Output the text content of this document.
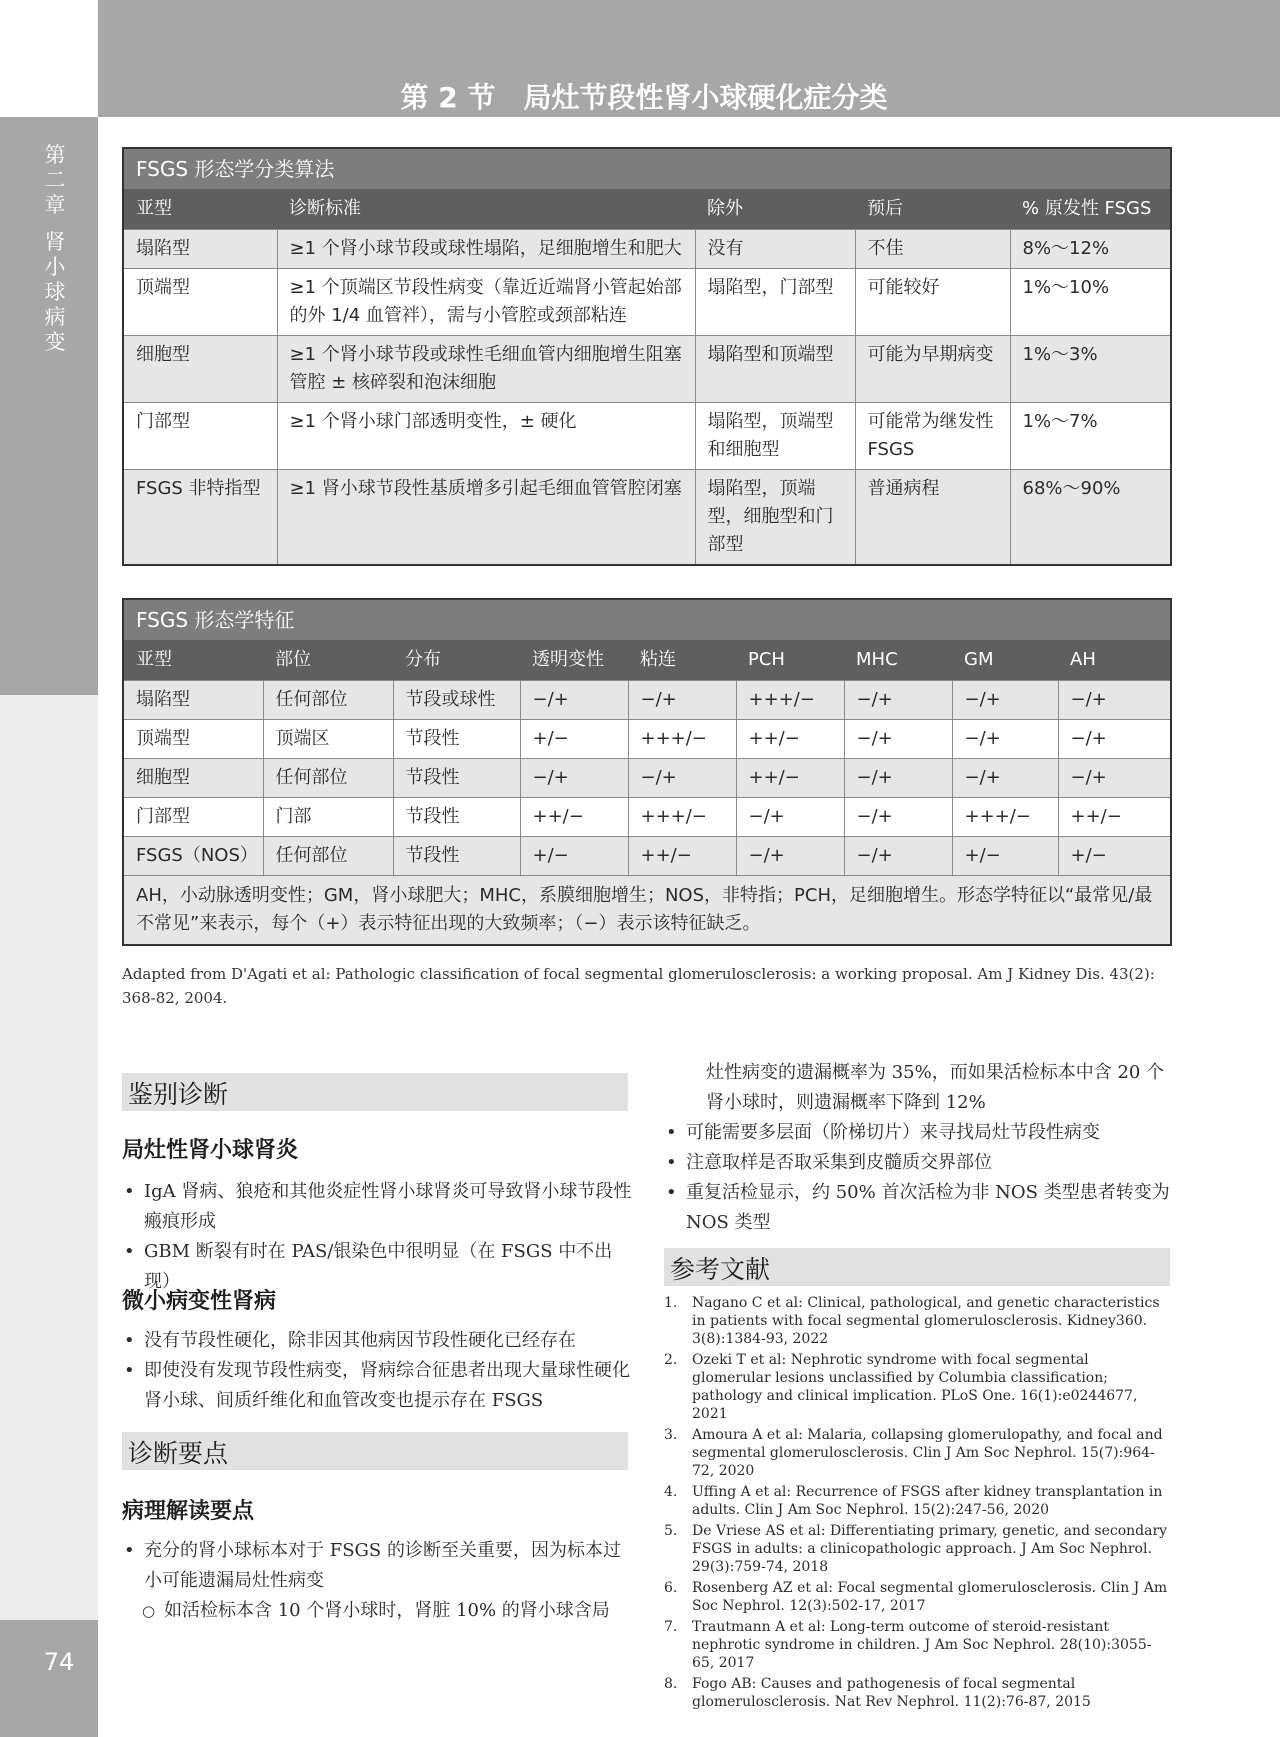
第 2 节　局灶节段性肾小球硬化症分类
第
二
章
肾
小
球
病
变
74
FSGS 形态学分类算法				
亚型	诊断标准	除外	预后	% 原发性 FSGS
塌陷型	≥1 个肾小球节段或球性塌陷，足细胞增生和肥大	没有	不佳	8%～12%
顶端型	≥1 个顶端区节段性病变（靠近近端肾小管起始部的外 1/4 血管袢），需与小管腔或颈部粘连	塌陷型，门部型	可能较好	1%～10%
细胞型	≥1 个肾小球节段或球性毛细血管内细胞增生阻塞管腔 ± 核碎裂和泡沫细胞	塌陷型和顶端型	可能为早期病变	1%～3%
门部型	≥1 个肾小球门部透明变性，± 硬化	塌陷型，顶端型和细胞型	可能常为继发性 FSGS	1%～7%
FSGS 非特指型	≥1 肾小球节段性基质增多引起毛细血管管腔闭塞	塌陷型，顶端型，细胞型和门部型	普通病程	68%～90%
FSGS 形态学特征								
亚型	部位	分布	透明变性	粘连	PCH	MHC	GM	AH
塌陷型	任何部位	节段或球性	−/+	−/+	+++/−	−/+	−/+	−/+
顶端型	顶端区	节段性	+/−	+++/−	++/−	−/+	−/+	−/+
细胞型	任何部位	节段性	−/+	−/+	++/−	−/+	−/+	−/+
门部型	门部	节段性	++/−	+++/−	−/+	−/+	+++/−	++/−
FSGS（NOS）	任何部位	节段性	+/−	++/−	−/+	−/+	+/−	+/−
AH，小动脉透明变性；GM，肾小球肥大；MHC，系膜细胞增生；NOS，非特指；PCH，足细胞增生。形态学特征以“最常见/最不常见”来表示，每个（+）表示特征出现的大致频率；（−）表示该特征缺乏。								
Adapted from D'Agati et al: Pathologic classification of focal segmental glomerulosclerosis: a working proposal. Am J Kidney Dis. 43(2): 368-82, 2004.
鉴别诊断
局灶性肾小球肾炎
• IgA 肾病、狼疮和其他炎症性肾小球肾炎可导致肾小球节段性瘢痕形成
• GBM 断裂有时在 PAS/银染色中很明显（在 FSGS 中不出现）
微小病变性肾病
• 没有节段性硬化，除非因其他病因节段性硬化已经存在
• 即使没有发现节段性病变，肾病综合征患者出现大量球性硬化肾小球、间质纤维化和血管改变也提示存在 FSGS
诊断要点
病理解读要点
• 充分的肾小球标本对于 FSGS 的诊断至关重要，因为标本过小可能遗漏局灶性病变
○ 如活检标本含 10 个肾小球时，肾脏 10% 的肾小球含局
灶性病变的遗漏概率为 35%，而如果活检标本中含 20 个肾小球时，则遗漏概率下降到 12%
• 可能需要多层面（阶梯切片）来寻找局灶节段性病变
• 注意取样是否取采集到皮髓质交界部位
• 重复活检显示，约 50% 首次活检为非 NOS 类型患者转变为 NOS 类型
参考文献
1. Nagano C et al: Clinical, pathological, and genetic characteristics in patients with focal segmental glomerulosclerosis. Kidney360. 3(8):1384-93, 2022
2. Ozeki T et al: Nephrotic syndrome with focal segmental glomerular lesions unclassified by Columbia classification; pathology and clinical implication. PLoS One. 16(1):e0244677, 2021
3. Amoura A et al: Malaria, collapsing glomerulopathy, and focal and segmental glomerulosclerosis. Clin J Am Soc Nephrol. 15(7):964-72, 2020
4. Uffing A et al: Recurrence of FSGS after kidney transplantation in adults. Clin J Am Soc Nephrol. 15(2):247-56, 2020
5. De Vriese AS et al: Differentiating primary, genetic, and secondary FSGS in adults: a clinicopathologic approach. J Am Soc Nephrol. 29(3):759-74, 2018
6. Rosenberg AZ et al: Focal segmental glomerulosclerosis. Clin J Am Soc Nephrol. 12(3):502-17, 2017
7. Trautmann A et al: Long-term outcome of steroid-resistant nephrotic syndrome in children. J Am Soc Nephrol. 28(10):3055-65, 2017
8. Fogo AB: Causes and pathogenesis of focal segmental glomerulosclerosis. Nat Rev Nephrol. 11(2):76-87, 2015
